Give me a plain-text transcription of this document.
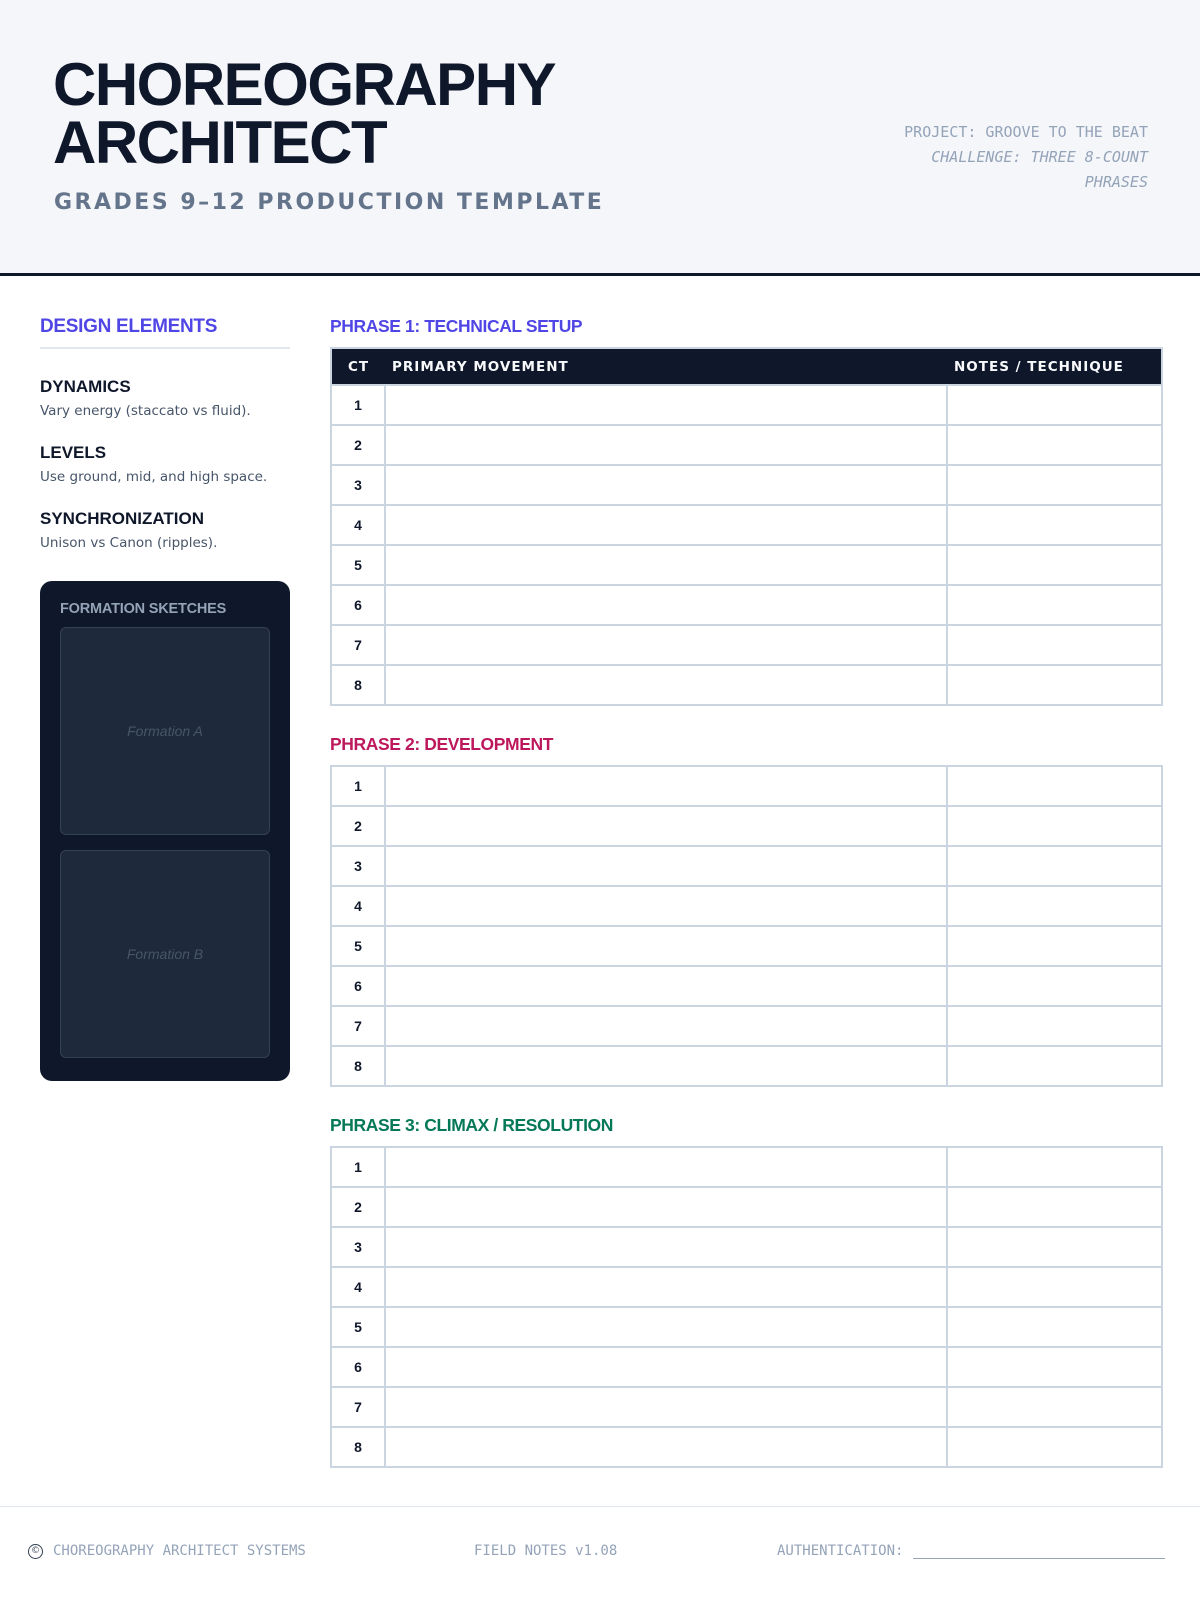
CHOREOGRAPHY
ARCHITECT
GRADES 9–12 PRODUCTION TEMPLATE
PROJECT: GROOVE TO THE BEAT
CHALLENGE: THREE 8-COUNT PHRASES
DESIGN ELEMENTS
DYNAMICS
Vary energy (staccato vs fluid).
LEVELS
Use ground, mid, and high space.
SYNCHRONIZATION
Unison vs Canon (ripples).
FORMATION SKETCHES
Formation A
Formation B
PHRASE 1: TECHNICAL SETUP
CT	PRIMARY MOVEMENT	NOTES / TECHNIQUE
1		
2		
3		
4		
5		
6		
7		
8		
PHRASE 2: DEVELOPMENT
1		
2		
3		
4		
5		
6		
7		
8		
PHRASE 3: CLIMAX / RESOLUTION
1		
2		
3		
4		
5		
6		
7		
8		
© CHOREOGRAPHY ARCHITECT SYSTEMS	FIELD NOTES v1.08	AUTHENTICATION:
